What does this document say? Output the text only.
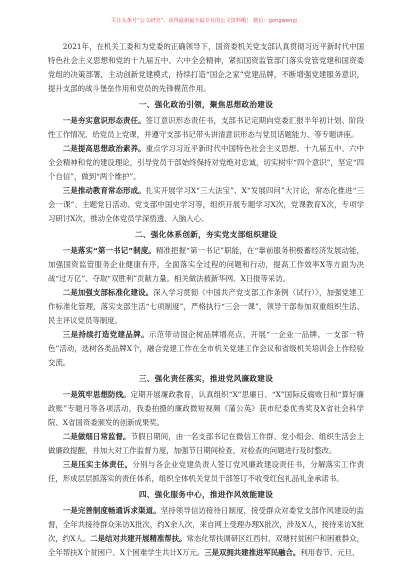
关注头条号“公文研究”，获得最新最全最专业的公文资料哦！ 微信：gongwenyj

2021年，在机关工委和为党委的正确领导下，国资委机关党支部认真贯彻习近平新时代中国特色社会主义思想和党的十九届五中、六中全会精神，紧扣国资监管部门落实党管党建和国资委党组的决策部署，主动创新党建模式，持续打造“国企之家”党建品牌，不断增强党建服务意识，提升支部的战斗堡垒作用和党员的先锋模范作用。

一、强化政治引领，聚焦思想政治建设

一是夯实意识形态责任。签订意识形态责任书，支部书记定期向党委汇报半年初计划、阶段性工作情况、给党员上党课，并遵守支部书记带头讲清意识形态与党员话题能力、等专题讲座。

二是提高思想政治素养。重点学习习近平新时代中国特色社会主义思想、十九届五中、六中全会精神和党的建设理论，引导党员干部始终保持对党绝对忠诚，切实树牢“四个意识”，坚定“四个自信”，做到“两个维护”。

三是推动教育常态形成。扎实开展学习X“三大法宝”、X“发展四问”大讨论，常态化推进“三会一课”、主题党日活动、党支部中国史学习等，组织开展专题学习X次，党课教育X次，专项学习研讨X次，推动全体党员学深悟透、入脑入心。

二、强化体系创新，夯实党支部组织建设

一是落实“第一书记”制度。精准把握“第一书记”职能，在“靠前服务积极蓄经济发展动能，加强国资监管服务企业健康有序，全面落实全过程的问题和行动，提高工作效率X等方面为决战“过万亿”、夺取“双胜利”贡献力量。相关做法被新华网、X日报等采访。

二是加强支部标准化建设。深入学习贯彻《中国共产党支部工作条例（试行）》，加强党建工作标准化管理，落实支部生活“七项制度”，严格执行“三会一课”，领导干部参加双重组织生活、民主评议党员等制度。

三是持续打造党建品牌。示范带动国企树品牌增亮点，开展“一企业一品牌、一支部一特色”活动，选树各类品牌X个，融合党建工作在全市机关党建工作会议和省级机关培训会上作经验交流。

三、强化责任落实，推进党风廉政建设

一是筑牢思想防线。定期开展廉政教育，认真组织“X”思廉日、“X”国际反腐败日和“算好廉政账”专题月等各项活动，我委拍摄的廉政微短视频《蒲公英》获市纪委优秀奖及X省社会科学院、X省国资委颁发的创新成果奖。

二是做细日常监督。节假日期间，由一名支部书记在微信工作群、党小组会、组织生活会上做廉政提醒，并加大对工作监督力度，加强节日期间检查，对检查的问题进行及时整改。

三是压实主体责任。分别与各企业党建负责人签订党风廉政建设责任书，分解落实工作责任，形成层层抓落实的责任体系，组织全体机关党员干部签订不收受红包礼品礼金承诺书。

四、强化服务中心，推进作风效能建设

一是完善制度畅通诉求渠道。坚持领导信访接待日制度，接受群众对委党支部作风建设的监督，全年共接待群众来访X批次，约X余人次，来自网上受理办理X批次，涉及X人，接待来访X批次，约X人。二是结对共建开展精准帮扶。常态化帮扶调研区红西村、双塘村贫困户和困难群众，全年帮扶X个贫困户、X个困难学生共计X万元。三是双拥共建推进军民融合。利用春节、元旦、
